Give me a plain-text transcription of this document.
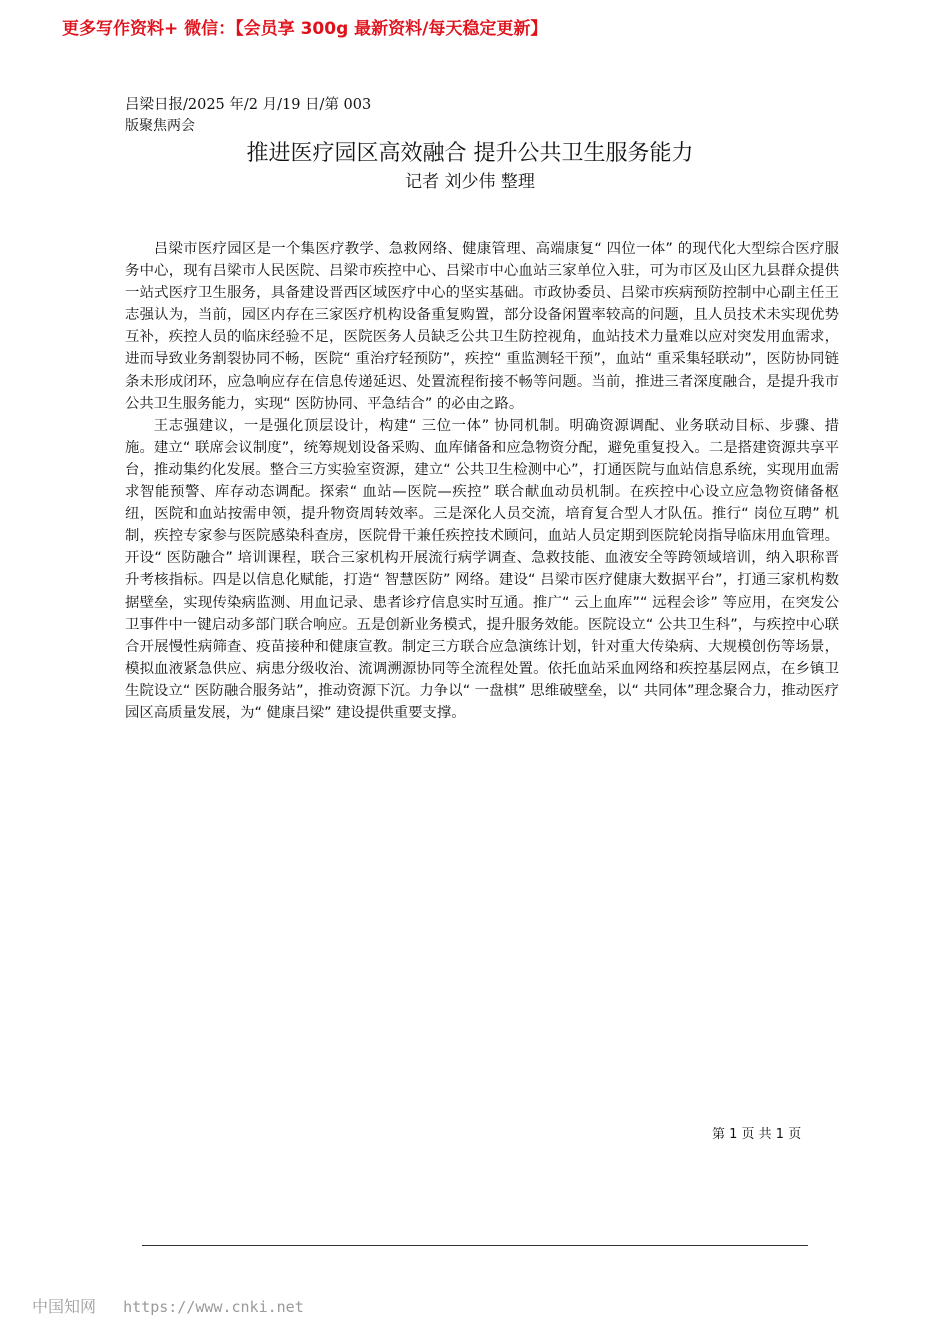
更多写作资料+ 微信：【会员享 300g 最新资料/每天稳定更新】
吕梁日报/2025 年/2 月/19 日/第 003
版聚焦两会
推进医疗园区高效融合 提升公共卫生服务能力
记者 刘少伟 整理

吕梁市医疗园区是一个集医疗教学、急救网络、健康管理、高端康复“ 四位一体” 的现代化大型综合医疗服务中心，现有吕梁市人民医院、吕梁市疾控中心、吕梁市中心血站三家单位入驻，可为市区及山区九县群众提供一站式医疗卫生服务，具备建设晋西区域医疗中心的坚实基础。市政协委员、吕梁市疾病预防控制中心副主任王志强认为，当前，园区内存在三家医疗机构设备重复购置，部分设备闲置率较高的问题，且人员技术未实现优势互补，疾控人员的临床经验不足，医院医务人员缺乏公共卫生防控视角，血站技术力量难以应对突发用血需求，进而导致业务割裂协同不畅，医院“ 重治疗轻预防”，疾控“ 重监测轻干预”，血站“ 重采集轻联动”，医防协同链条未形成闭环，应急响应存在信息传递延迟、处置流程衔接不畅等问题。当前，推进三者深度融合，是提升我市公共卫生服务能力，实现“ 医防协同、平急结合” 的必由之路。

王志强建议，一是强化顶层设计，构建“ 三位一体” 协同机制。明确资源调配、业务联动目标、步骤、措施。建立“ 联席会议制度”，统筹规划设备采购、血库储备和应急物资分配，避免重复投入。二是搭建资源共享平台，推动集约化发展。整合三方实验室资源，建立“ 公共卫生检测中心”，打通医院与血站信息系统，实现用血需求智能预警、库存动态调配。探索“ 血站—医院—疾控” 联合献血动员机制。在疾控中心设立应急物资储备枢纽，医院和血站按需申领，提升物资周转效率。三是深化人员交流，培育复合型人才队伍。推行“ 岗位互聘” 机制，疾控专家参与医院感染科查房，医院骨干兼任疾控技术顾问，血站人员定期到医院轮岗指导临床用血管理。开设“ 医防融合” 培训课程，联合三家机构开展流行病学调查、急救技能、血液安全等跨领域培训，纳入职称晋升考核指标。四是以信息化赋能，打造“ 智慧医防” 网络。建设“ 吕梁市医疗健康大数据平台”，打通三家机构数据壁垒，实现传染病监测、用血记录、患者诊疗信息实时互通。推广“ 云上血库”“ 远程会诊” 等应用，在突发公卫事件中一键启动多部门联合响应。五是创新业务模式，提升服务效能。医院设立“ 公共卫生科”，与疾控中心联合开展慢性病筛查、疫苗接种和健康宣教。制定三方联合应急演练计划，针对重大传染病、大规模创伤等场景，模拟血液紧急供应、病患分级收治、流调溯源协同等全流程处置。依托血站采血网络和疾控基层网点，在乡镇卫生院设立“ 医防融合服务站”，推动资源下沉。力争以“ 一盘棋” 思维破壁垒，以“ 共同体”理念聚合力，推动医疗园区高质量发展，为“ 健康吕梁” 建设提供重要支撑。

第 1 页 共 1 页
中国知网 https://www.cnki.net
